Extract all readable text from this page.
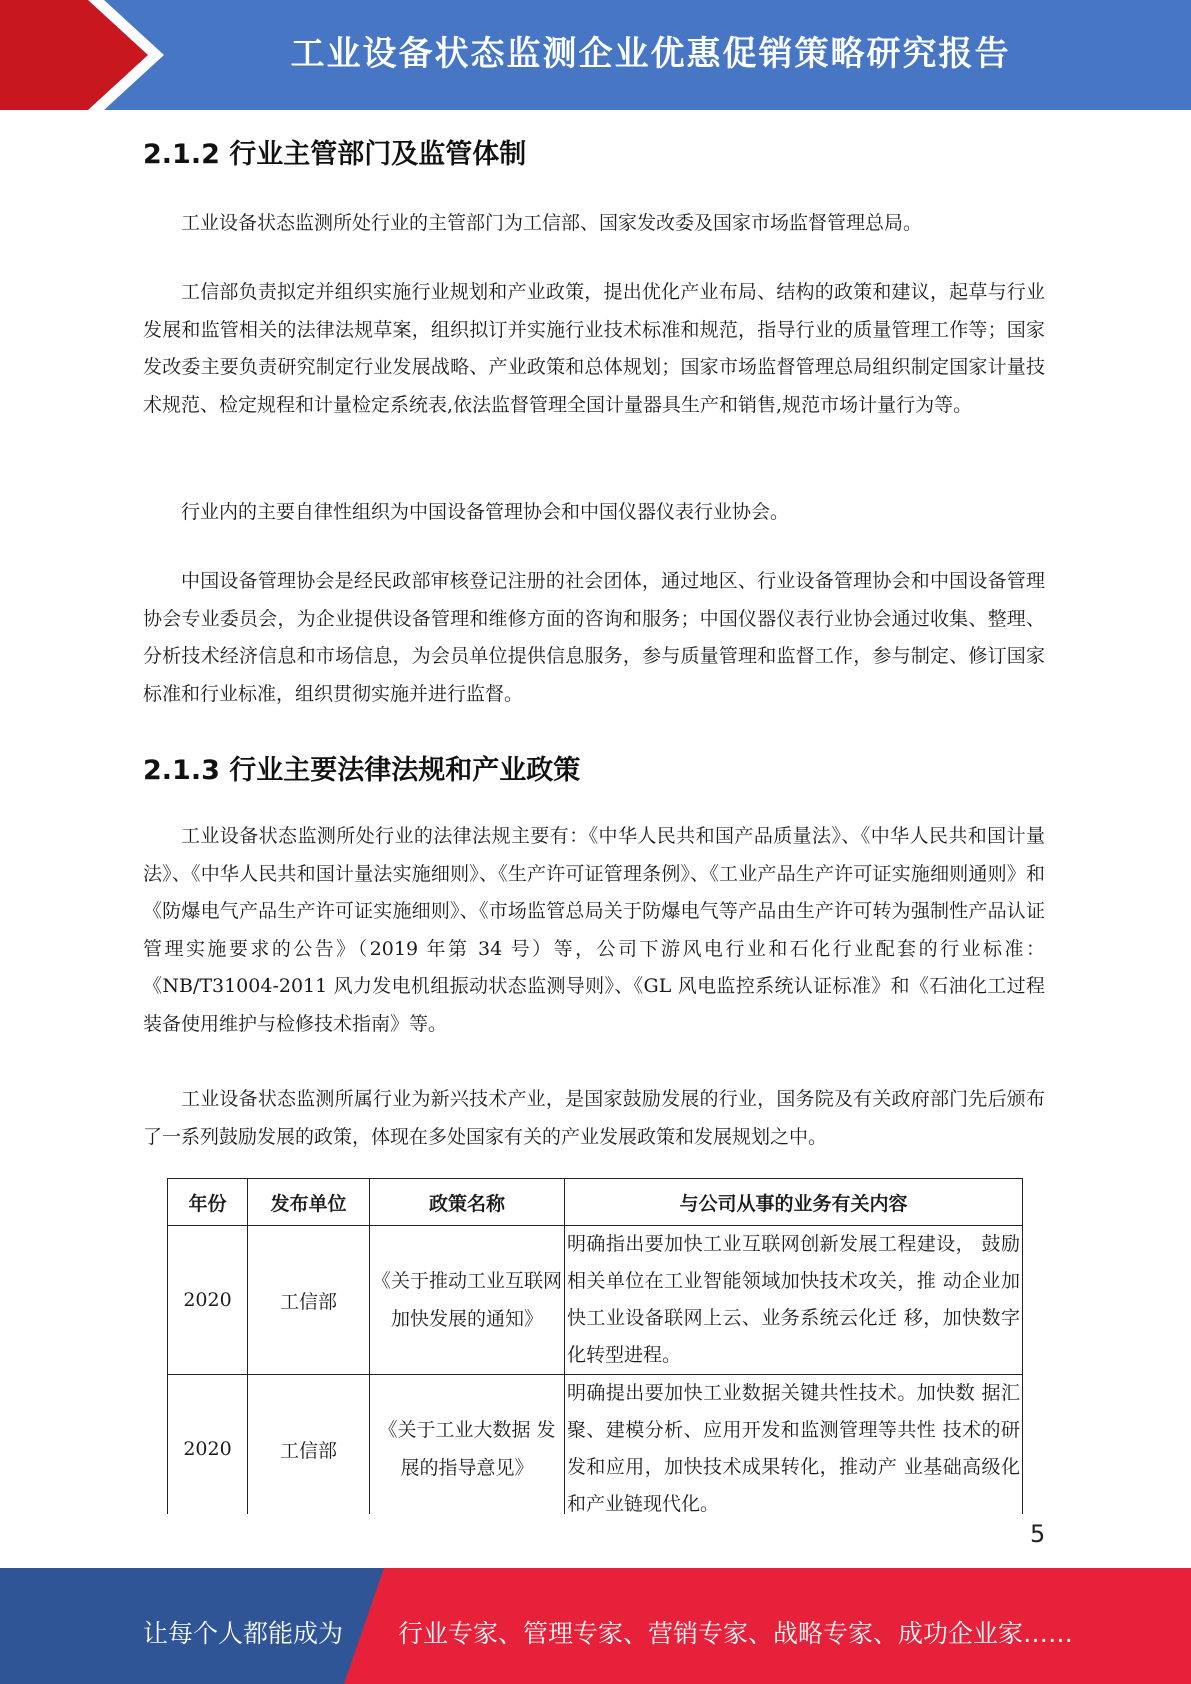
工业设备状态监测企业优惠促销策略研究报告
2.1.2 行业主管部门及监管体制

工业设备状态监测所处行业的主管部门为工信部、国家发改委及国家市场监督管理总局。

工信部负责拟定并组织实施行业规划和产业政策，提出优化产业布局、结构的政策和建议，起草与行业发展和监管相关的法律法规草案，组织拟订并实施行业技术标准和规范，指导行业的质量管理工作等；国家发改委主要负责研究制定行业发展战略、产业政策和总体规划；国家市场监督管理总局组织制定国家计量技术规范、检定规程和计量检定系统表,依法监督管理全国计量器具生产和销售,规范市场计量行为等。

行业内的主要自律性组织为中国设备管理协会和中国仪器仪表行业协会。

中国设备管理协会是经民政部审核登记注册的社会团体，通过地区、行业设备管理协会和中国设备管理协会专业委员会，为企业提供设备管理和维修方面的咨询和服务；中国仪器仪表行业协会通过收集、整理、分析技术经济信息和市场信息，为会员单位提供信息服务，参与质量管理和监督工作，参与制定、修订国家标准和行业标准，组织贯彻实施并进行监督。

2.1.3 行业主要法律法规和产业政策

工业设备状态监测所处行业的法律法规主要有：《中华人民共和国产品质量法》、《中华人民共和国计量法》、《中华人民共和国计量法实施细则》、《生产许可证管理条例》、《工业产品生产许可证实施细则通则》和《防爆电气产品生产许可证实施细则》、《市场监管总局关于防爆电气等产品由生产许可转为强制性产品认证管理实施要求的公告》（2019 年第 34 号）等，公司下游风电行业和石化行业配套的行业标准：《NB/T31004-2011 风力发电机组振动状态监测导则》、《GL 风电监控系统认证标准》和《石油化工过程装备使用维护与检修技术指南》等。

工业设备状态监测所属行业为新兴技术产业，是国家鼓励发展的行业，国务院及有关政府部门先后颁布了一系列鼓励发展的政策，体现在多处国家有关的产业发展政策和发展规划之中。

年份	发布单位	政策名称	与公司从事的业务有关内容
2020	工信部	《关于推动工业互联网加快发展的通知》	明确指出要加快工业互联网创新发展工程建设， 鼓励相关单位在工业智能领域加快技术攻关，推 动企业加快工业设备联网上云、业务系统云化迁 移，加快数字化转型进程。
2020	工信部	《关于工业大数据 发展的指导意见》	明确提出要加快工业数据关键共性技术。加快数 据汇聚、建模分析、应用开发和监测管理等共性 技术的研发和应用，加快技术成果转化，推动产 业基础高级化和产业链现代化。
5
让每个人都能成为 行业专家、管理专家、营销专家、战略专家、成功企业家……
